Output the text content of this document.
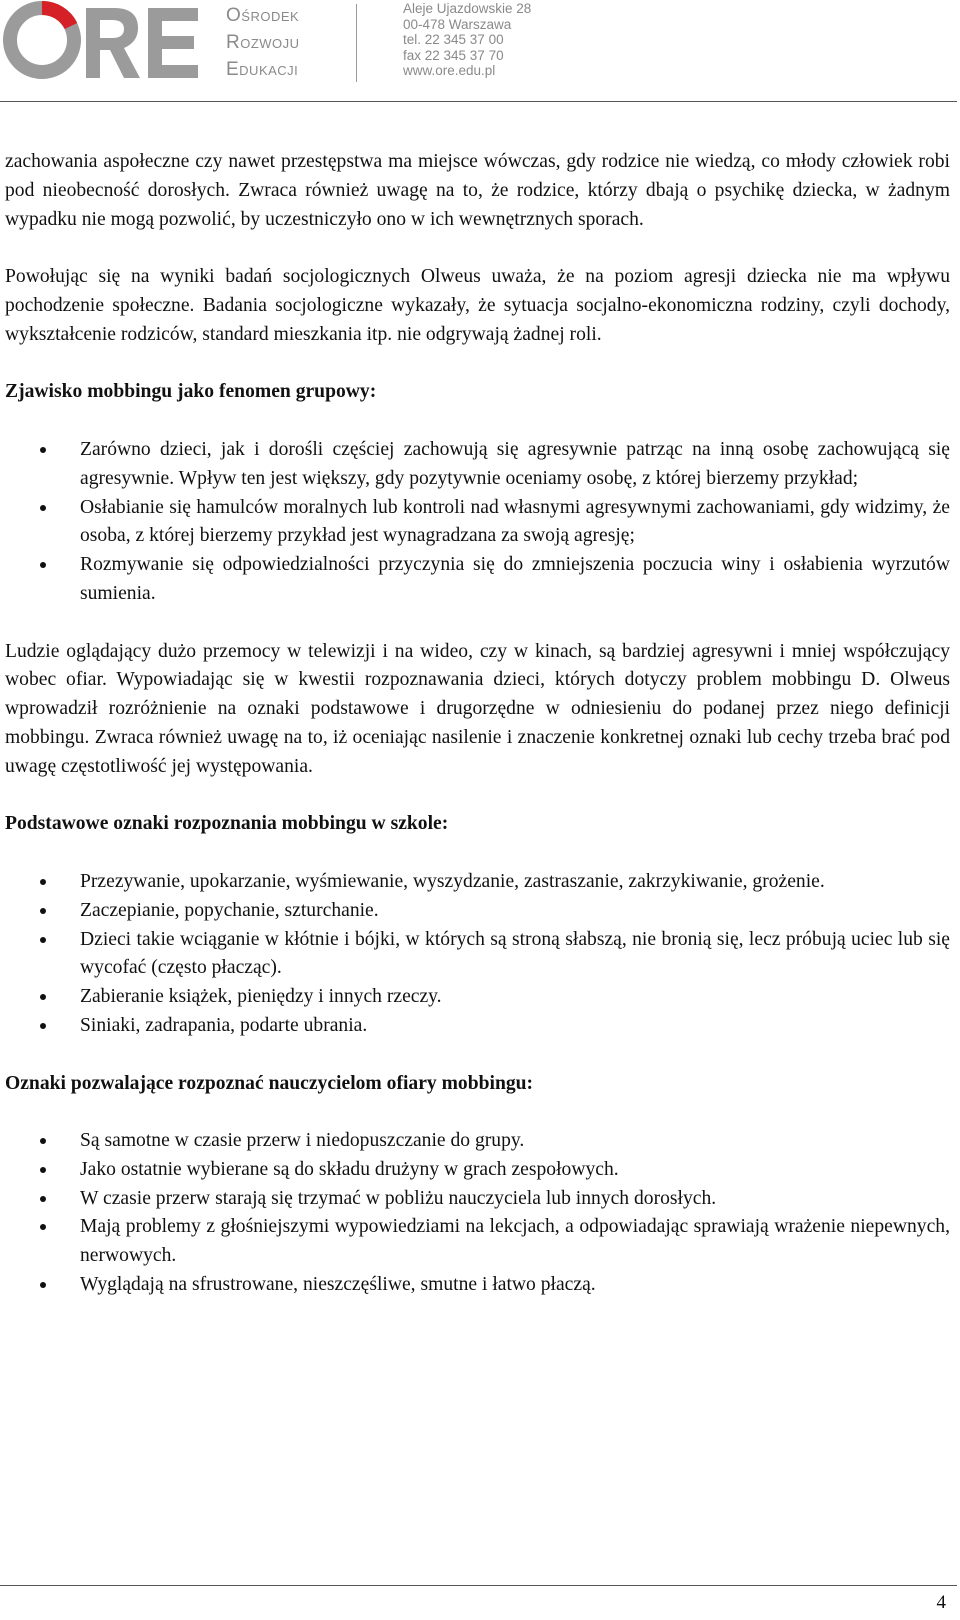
Ośrodek
Rozwoju
Edukacji
Aleje Ujazdowskie 28
00-478 Warszawa
tel. 22 345 37 00
fax 22 345 37 70
www.ore.edu.pl

zachowania aspołeczne czy nawet przestępstwa ma miejsce wówczas, gdy rodzice nie wiedzą, co młody człowiek robi pod nieobecność dorosłych. Zwraca również uwagę na to, że rodzice, którzy dbają o psychikę dziecka, w żadnym wypadku nie mogą pozwolić, by uczestniczyło ono w ich wewnętrznych sporach.

Powołując się na wyniki badań socjologicznych Olweus uważa, że na poziom agresji dziecka nie ma wpływu pochodzenie społeczne. Badania socjologiczne wykazały, że sytuacja socjalno-ekonomiczna rodziny, czyli dochody, wykształcenie rodziców, standard mieszkania itp. nie odgrywają żadnej roli.

Zjawisko mobbingu jako fenomen grupowy:
Zarówno dzieci, jak i dorośli częściej zachowują się agresywnie patrząc na inną osobę zachowującą się agresywnie. Wpływ ten jest większy, gdy pozytywnie oceniamy osobę, z której bierzemy przykład;
Osłabianie się hamulców moralnych lub kontroli nad własnymi agresywnymi zachowaniami, gdy widzimy, że osoba, z której bierzemy przykład jest wynagradzana za swoją agresję;
Rozmywanie się odpowiedzialności przyczynia się do zmniejszenia poczucia winy i osłabienia wyrzutów sumienia.

Ludzie oglądający dużo przemocy w telewizji i na wideo, czy w kinach, są bardziej agresywni i mniej współczujący wobec ofiar. Wypowiadając się w kwestii rozpoznawania dzieci, których dotyczy problem mobbingu D. Olweus wprowadził rozróżnienie na oznaki podstawowe i drugorzędne w odniesieniu do podanej przez niego definicji mobbingu. Zwraca również uwagę na to, iż oceniając nasilenie i znaczenie konkretnej oznaki lub cechy trzeba brać pod uwagę częstotliwość jej występowania.

Podstawowe oznaki rozpoznania mobbingu w szkole:
Przezywanie, upokarzanie, wyśmiewanie, wyszydzanie, zastraszanie, zakrzykiwanie, grożenie.
Zaczepianie, popychanie, szturchanie.
Dzieci takie wciąganie w kłótnie i bójki, w których są stroną słabszą, nie bronią się, lecz próbują uciec lub się wycofać (często płacząc).
Zabieranie książek, pieniędzy i innych rzeczy.
Siniaki, zadrapania, podarte ubrania.
Oznaki pozwalające rozpoznać nauczycielom ofiary mobbingu:
Są samotne w czasie przerw i niedopuszczanie do grupy.
Jako ostatnie wybierane są do składu drużyny w grach zespołowych.
W czasie przerw starają się trzymać w pobliżu nauczyciela lub innych dorosłych.
Mają problemy z głośniejszymi wypowiedziami na lekcjach, a odpowiadając sprawiają wrażenie niepewnych, nerwowych.
Wyglądają na sfrustrowane, nieszczęśliwe, smutne i łatwo płaczą.
4
